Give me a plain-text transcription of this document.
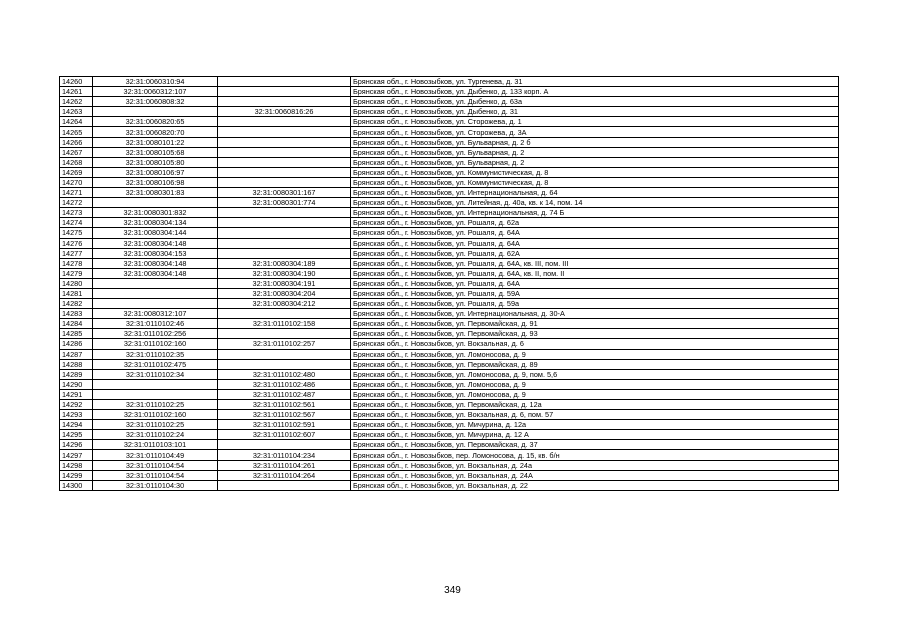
14260	32:31:0060310:94		Брянская обл., г. Новозыбков, ул. Тургенева, д. 31
14261	32:31:0060312:107		Брянская обл., г. Новозыбков, ул. Дыбенко, д. 133 корп. А
14262	32:31:0060808:32		Брянская обл., г. Новозыбков, ул. Дыбенко, д. 63а
14263		32:31:0060816:26	Брянская обл., г. Новозыбков, ул. Дыбенко, д. 31
14264	32:31:0060820:65		Брянская обл., г. Новозыбков, ул. Сторожева, д. 1
14265	32:31:0060820:70		Брянская обл., г. Новозыбков, ул. Сторожева, д. 3А
14266	32:31:0080101:22		Брянская обл., г. Новозыбков, ул. Бульварная, д. 2 б
14267	32:31:0080105:68		Брянская обл., г. Новозыбков, ул. Бульварная, д. 2
14268	32:31:0080105:80		Брянская обл., г. Новозыбков, ул. Бульварная, д. 2
14269	32:31:0080106:97		Брянская обл., г. Новозыбков, ул. Коммунистическая, д. 8
14270	32:31:0080106:98		Брянская обл., г. Новозыбков, ул. Коммунистическая, д. 8
14271	32:31:0080301:83	32:31:0080301:167	Брянская обл., г. Новозыбков, ул. Интернациональная, д. 64
14272		32:31:0080301:774	Брянская обл., г. Новозыбков, ул. Литейная, д. 40а, кв. к 14, пом. 14
14273	32:31:0080301:832		Брянская обл., г. Новозыбков, ул. Интернациональная, д. 74 Б
14274	32:31:0080304:134		Брянская обл., г. Новозыбков, ул. Рошаля, д. 62а
14275	32:31:0080304:144		Брянская обл., г. Новозыбков, ул. Рошаля, д. 64А
14276	32:31:0080304:148		Брянская обл., г. Новозыбков, ул. Рошаля, д. 64А
14277	32:31:0080304:153		Брянская обл., г. Новозыбков, ул. Рошаля, д. 62А
14278	32:31:0080304:148	32:31:0080304:189	Брянская обл., г. Новозыбков, ул. Рошаля, д. 64А, кв. III, пом. III
14279	32:31:0080304:148	32:31:0080304:190	Брянская обл., г. Новозыбков, ул. Рошаля, д. 64А, кв. II, пом. II
14280		32:31:0080304:191	Брянская обл., г. Новозыбков, ул. Рошаля, д. 64А
14281		32:31:0080304:204	Брянская обл., г. Новозыбков, ул. Рошаля, д. 59А
14282		32:31:0080304:212	Брянская обл., г. Новозыбков, ул. Рошаля, д. 59а
14283	32:31:0080312:107		Брянская обл., г. Новозыбков, ул. Интернациональная, д. 30-А
14284	32:31:0110102:46	32:31:0110102:158	Брянская обл., г. Новозыбков, ул. Первомайская, д. 91
14285	32:31:0110102:256		Брянская обл., г. Новозыбков, ул. Первомайская, д. 93
14286	32:31:0110102:160	32:31:0110102:257	Брянская обл., г. Новозыбков, ул. Вокзальная, д. 6
14287	32:31:0110102:35		Брянская обл., г. Новозыбков, ул. Ломоносова, д. 9
14288	32:31:0110102:475		Брянская обл., г. Новозыбков, ул. Первомайская, д. 89
14289	32:31:0110102:34	32:31:0110102:480	Брянская обл., г. Новозыбков, ул. Ломоносова, д. 9, пом. 5,6
14290		32:31:0110102:486	Брянская обл., г. Новозыбков, ул. Ломоносова, д. 9
14291		32:31:0110102:487	Брянская обл., г. Новозыбков, ул. Ломоносова, д. 9
14292	32:31:0110102:25	32:31:0110102:561	Брянская обл., г. Новозыбков, ул. Первомайская, д. 12а
14293	32:31:0110102:160	32:31:0110102:567	Брянская обл., г. Новозыбков, ул. Вокзальная, д. 6, пом. 57
14294	32:31:0110102:25	32:31:0110102:591	Брянская обл., г. Новозыбков, ул. Мичурина, д. 12а
14295	32:31:0110102:24	32:31:0110102:607	Брянская обл., г. Новозыбков, ул. Мичурина, д. 12 А
14296	32:31:0110103:101		Брянская обл., г. Новозыбков, ул. Первомайская, д. 37
14297	32:31:0110104:49	32:31:0110104:234	Брянская обл., г. Новозыбков, пер. Ломоносова, д. 15, кв. б/н
14298	32:31:0110104:54	32:31:0110104:261	Брянская обл., г. Новозыбков, ул. Вокзальная, д. 24а
14299	32:31:0110104:54	32:31:0110104:264	Брянская обл., г. Новозыбков, ул. Вокзальная, д. 24А
14300	32:31:0110104:30		Брянская обл., г. Новозыбков, ул. Вокзальная, д. 22
349
